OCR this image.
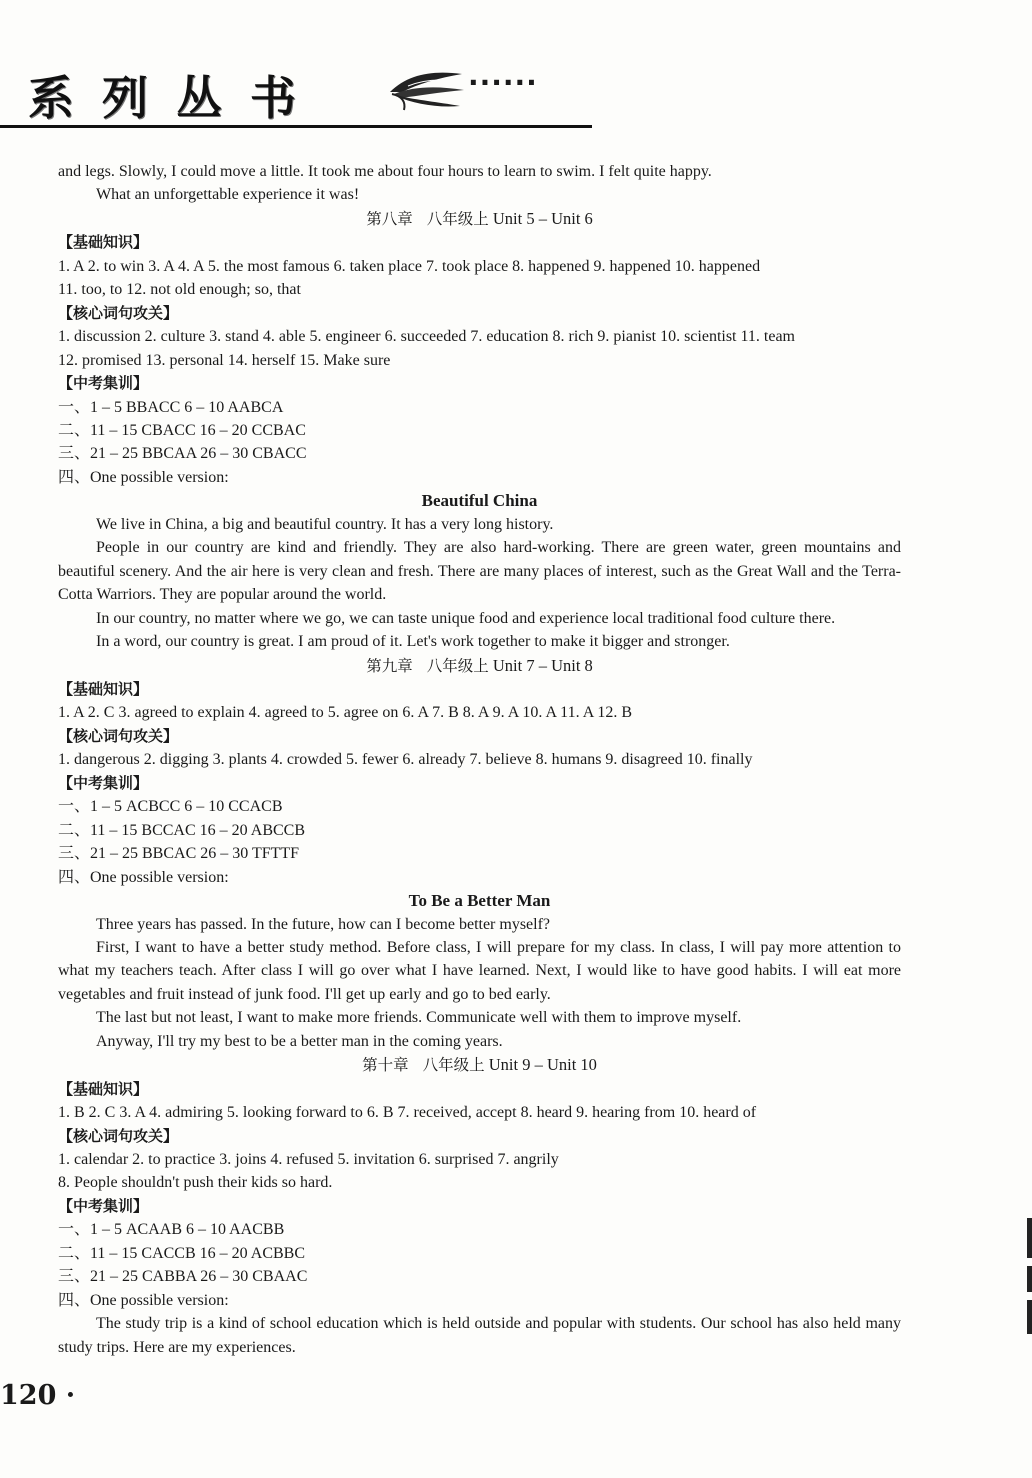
系列丛书	······

and legs. Slowly, I could move a little. It took me about four hours to learn to swim. I felt quite happy.

What an unforgettable experience it was!

第八章 八年级上 Unit 5 – Unit 6

【基础知识】

1. A 2. to win 3. A 4. A 5. the most famous 6. taken place 7. took place 8. happened 9. happened 10. happened

11. too, to 12. not old enough; so, that

【核心词句攻关】

1. discussion 2. culture 3. stand 4. able 5. engineer 6. succeeded 7. education 8. rich 9. pianist 10. scientist 11. team

12. promised 13. personal 14. herself 15. Make sure

【中考集训】

一、1 – 5 BBACC 6 – 10 AABCA

二、11 – 15 CBACC 16 – 20 CCBAC

三、21 – 25 BBCAA 26 – 30 CBACC

四、One possible version:

Beautiful China

We live in China, a big and beautiful country. It has a very long history.

People in our country are kind and friendly. They are also hard-working. There are green water, green mountains and beautiful scenery. And the air here is very clean and fresh. There are many places of interest, such as the Great Wall and the Terra-Cotta Warriors. They are popular around the world.

In our country, no matter where we go, we can taste unique food and experience local traditional food culture there.

In a word, our country is great. I am proud of it. Let's work together to make it bigger and stronger.

第九章 八年级上 Unit 7 – Unit 8

【基础知识】

1. A 2. C 3. agreed to explain 4. agreed to 5. agree on 6. A 7. B 8. A 9. A 10. A 11. A 12. B

【核心词句攻关】

1. dangerous 2. digging 3. plants 4. crowded 5. fewer 6. already 7. believe 8. humans 9. disagreed 10. finally

【中考集训】

一、1 – 5 ACBCC 6 – 10 CCACB

二、11 – 15 BCCAC 16 – 20 ABCCB

三、21 – 25 BBCAC 26 – 30 TFTTF

四、One possible version:

To Be a Better Man

Three years has passed. In the future, how can I become better myself?

First, I want to have a better study method. Before class, I will prepare for my class. In class, I will pay more attention to what my teachers teach. After class I will go over what I have learned. Next, I would like to have good habits. I will eat more vegetables and fruit instead of junk food. I'll get up early and go to bed early.

The last but not least, I want to make more friends. Communicate well with them to improve myself.

Anyway, I'll try my best to be a better man in the coming years.

第十章 八年级上 Unit 9 – Unit 10

【基础知识】

1. B 2. C 3. A 4. admiring 5. looking forward to 6. B 7. received, accept 8. heard 9. hearing from 10. heard of

【核心词句攻关】

1. calendar 2. to practice 3. joins 4. refused 5. invitation 6. surprised 7. angrily

8. People shouldn't push their kids so hard.

【中考集训】

一、1 – 5 ACAAB 6 – 10 AACBB

二、11 – 15 CACCB 16 – 20 ACBBC

三、21 – 25 CABBA 26 – 30 CBAAC

四、One possible version:

The study trip is a kind of school education which is held outside and popular with students. Our school has also held many study trips. Here are my experiences.

120 ·
